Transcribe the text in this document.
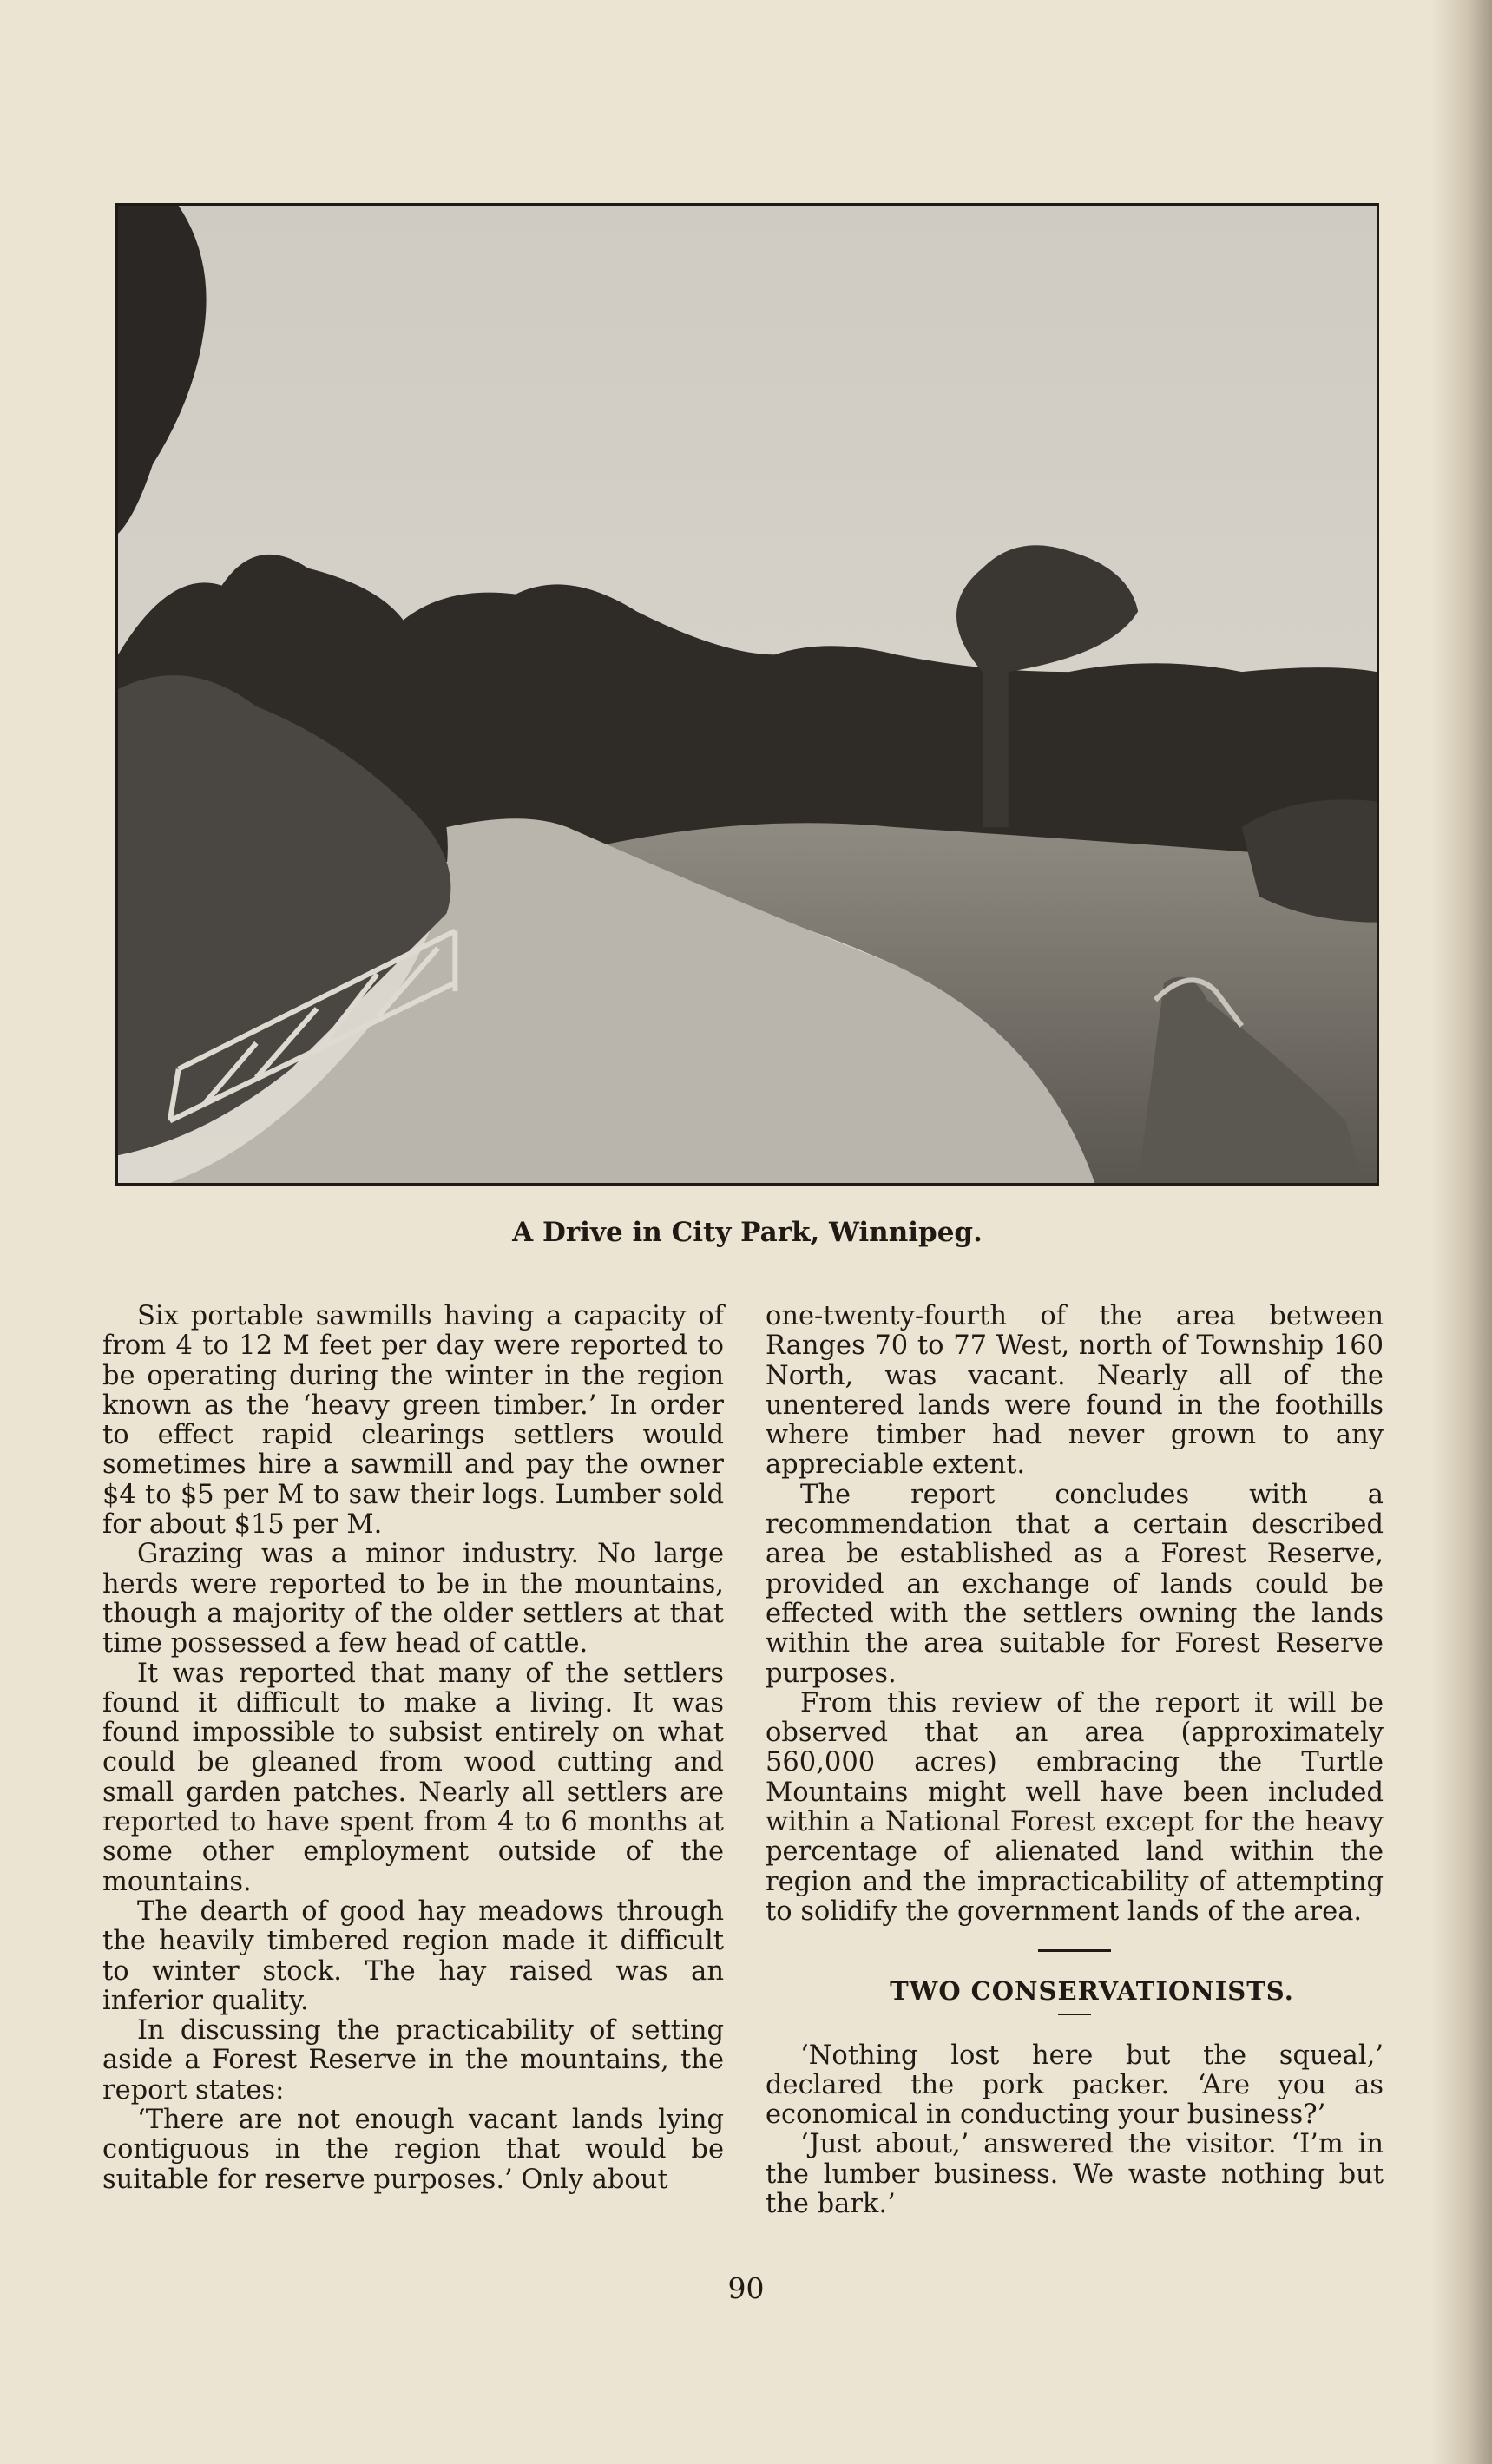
A Drive in City Park, Winnipeg.

Six portable sawmills having a capacity of from 4 to 12 M feet per day were reported to be operating during the winter in the region known as the ‘heavy green timber.’ In order to effect rapid clearings settlers would sometimes hire a sawmill and pay the owner $4 to $5 per M to saw their logs. Lumber sold for about $15 per M.

Grazing was a minor industry. No large herds were reported to be in the mountains, though a majority of the older settlers at that time possessed a few head of cattle.

It was reported that many of the settlers found it difficult to make a living. It was found impossible to subsist entirely on what could be gleaned from wood cutting and small garden patches. Nearly all settlers are reported to have spent from 4 to 6 months at some other employment outside of the mountains.

The dearth of good hay meadows through the heavily timbered region made it difficult to winter stock. The hay raised was an inferior quality.

In discussing the practicability of setting aside a Forest Reserve in the mountains, the report states:

‘There are not enough vacant lands lying contiguous in the region that would be suitable for reserve purposes.’ Only about

one-twenty-fourth of the area between Ranges 70 to 77 West, north of Township 160 North, was vacant. Nearly all of the unentered lands were found in the foothills where timber had never grown to any appreciable extent.

The report concludes with a recommendation that a certain described area be established as a Forest Reserve, provided an exchange of lands could be effected with the settlers owning the lands within the area suitable for Forest Reserve purposes.

From this review of the report it will be observed that an area (approximately 560,000 acres) embracing the Turtle Mountains might well have been included within a National Forest except for the heavy percentage of alienated land within the region and the impracticability of attempting to solidify the government lands of the area.

TWO CONSERVATIONISTS.

‘Nothing lost here but the squeal,’ declared the pork packer. ‘Are you as economical in conducting your business?’

‘Just about,’ answered the visitor. ‘I’m in the lumber business. We waste nothing but the bark.’

90
